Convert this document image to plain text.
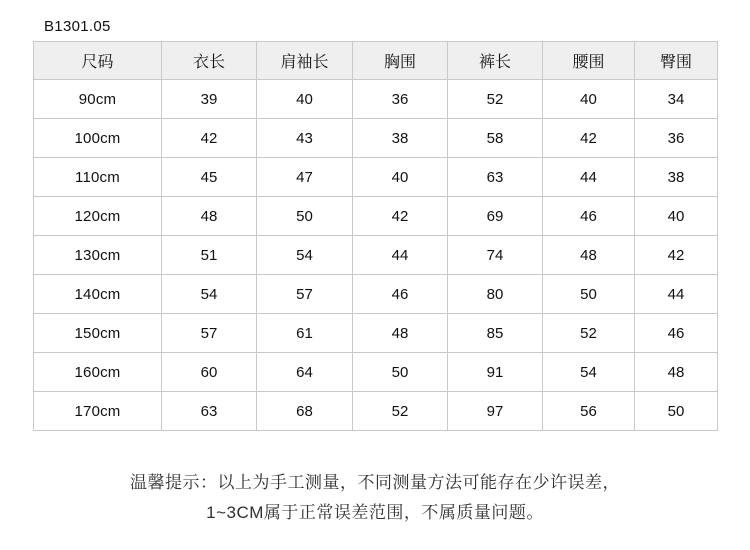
B1301.05
尺码	衣长	肩袖长	胸围	裤长	腰围	臀围
90cm	39	40	36	52	40	34
100cm	42	43	38	58	42	36
110cm	45	47	40	63	44	38
120cm	48	50	42	69	46	40
130cm	51	54	44	74	48	42
140cm	54	57	46	80	50	44
150cm	57	61	48	85	52	46
160cm	60	64	50	91	54	48
170cm	63	68	52	97	56	50
温馨提示：以上为手工测量，不同测量方法可能存在少许误差，
1~3CM属于正常误差范围，不属质量问题。
